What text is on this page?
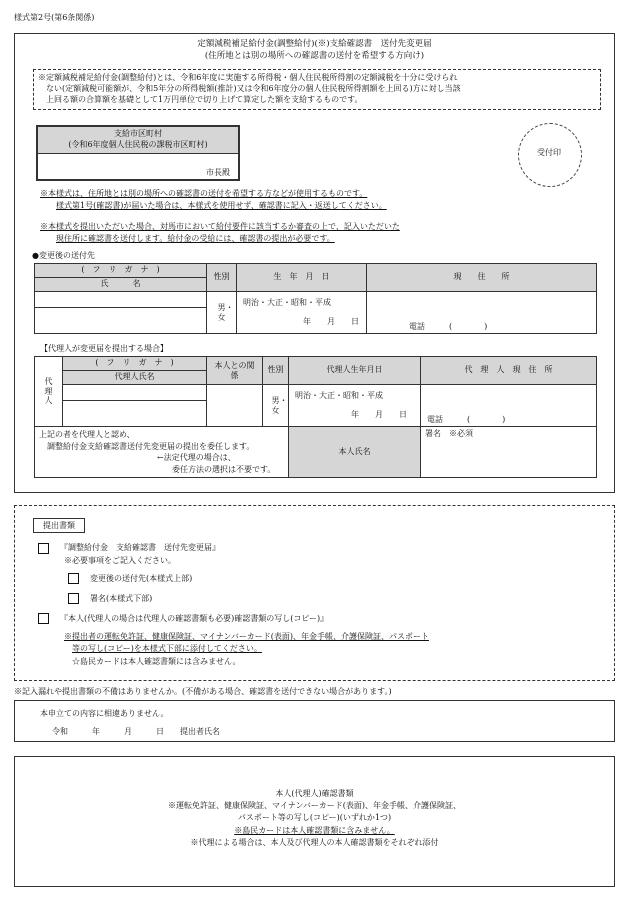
様式第2号(第6条関係)
定額減税補足給付金(調整給付)(※)支給確認書　送付先変更届
(住所地とは別の場所への確認書の送付を希望する方向け)
※定額減税補足給付金(調整給付)とは、令和6年度に実施する所得税・個人住民税所得割の定額減税を十分に受けられ
ない(定額減税可能額が、令和5年分の所得税額(推計)又は令和6年度分の個人住民税所得割額を上回る)方に対し当該
上回る額の合算額を基礎として1万円単位で切り上げて算定した額を支給するものです。
支給市区町村
(令和6年度個人住民税の課税市区町村)
市長殿
受付印
※本様式は、住所地とは別の場所への確認書の送付を希望する方などが使用するものです。
様式第1号(確認書)が届いた場合は、本様式を使用せず、確認書に記入・返送してください。
※本様式を提出いただいた場合、対馬市において給付要件に該当するか審査の上で、記入いただいた
現住所に確認書を送付します。給付金の受給には、確認書の提出が必要です。
●変更後の送付先
(　フ　リ　ガ　ナ　)	性別	生　年　月　日	現　　住　　所
氏　　　名			

	男・女	明治・大正・昭和・平成
年　　月　　日	電話　　　(　　　　)

【代理人が変更届を提出する場合】
代理人	(　フ　リ　ガ　ナ　)	本人との関係	性別	代理人生年月日	代　理　人　現　住　所
	代理人氏名				

			男・女	明治・大正・昭和・平成
年　　月　　日	電話　　　(　　　　)

上記の者を代理人と認め、
調整給付金支給確認書送付先変更届の提出を委任します。
←法定代理の場合は、
委任方法の選択は不要です。				本人氏名	署名　※必須
提出書類
『調整給付金　支給確認書　送付先変更届』
※必要事項をご記入ください。
変更後の送付先(本様式上部)
署名(本様式下部)
『本人(代理人の場合は代理人の確認書類も必要)確認書類の写し(コピー)』
※提出者の運転免許証、健康保険証、マイナンバーカード(表面)、年金手帳、介護保険証、パスポート
等の写し(コピー)を本様式下部に添付してください。
☆島民カードは本人確認書類には含みません。
※記入漏れや提出書類の不備はありませんか。(不備がある場合、確認書を送付できない場合があります。)
本申立ての内容に相違ありません。
令和　　　年　　　月　　　日　　提出者氏名
本人(代理人)確認書類
※運転免許証、健康保険証、マイナンバーカード(表面)、年金手帳、介護保険証、
パスポート等の写し(コピー)(いずれか1つ)
※島民カードは本人確認書類に含みません。
※代理による場合は、本人及び代理人の本人確認書類をそれぞれ添付
